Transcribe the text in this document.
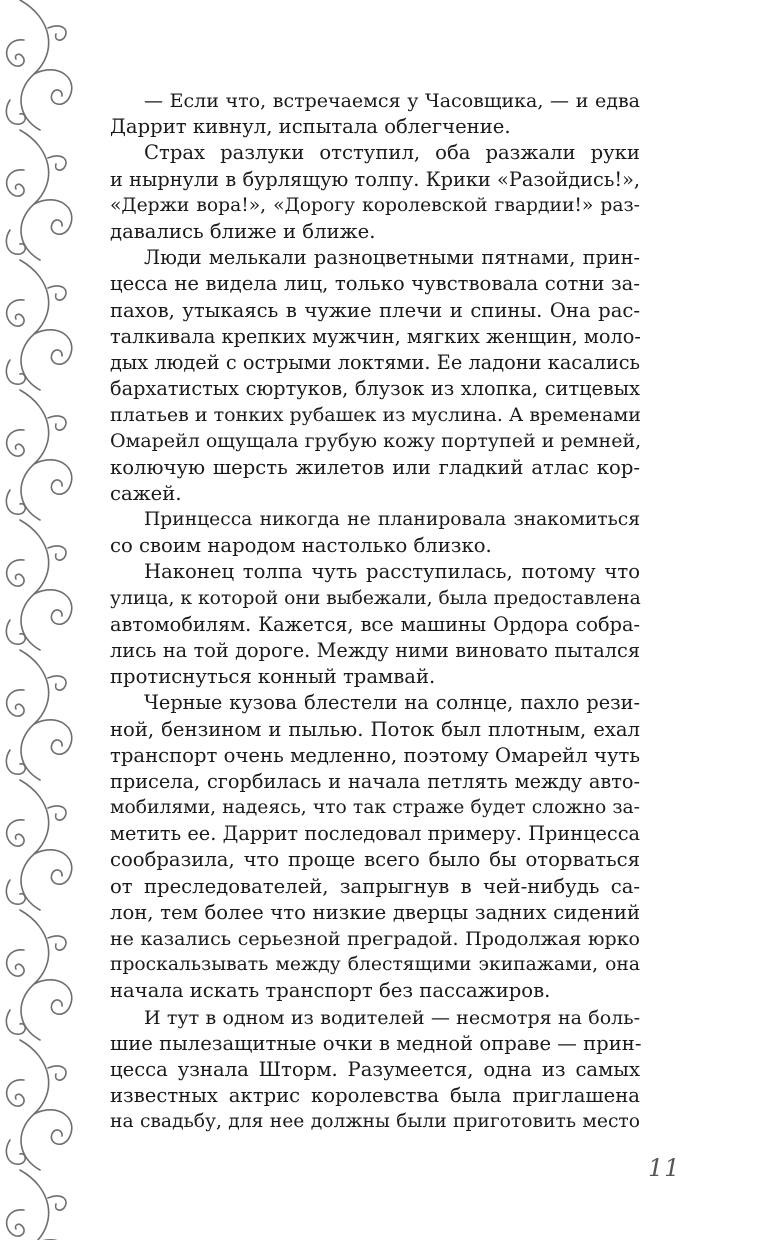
— Если что, встречаемся у Часовщика, — и едва
Даррит кивнул, испытала облегчение.
Страх разлуки отступил, оба разжали руки
и нырнули в бурлящую толпу. Крики «Разойдись!»,
«Держи вора!», «Дорогу королевской гвардии!» раз-
давались ближе и ближе.
Люди мелькали разноцветными пятнами, прин-
цесса не видела лиц, только чувствовала сотни за-
пахов, утыкаясь в чужие плечи и спины. Она рас-
талкивала крепких мужчин, мягких женщин, моло-
дых людей с острыми локтями. Ее ладони касались
бархатистых сюртуков, блузок из хлопка, ситцевых
платьев и тонких рубашек из муслина. А временами
Омарейл ощущала грубую кожу портупей и ремней,
колючую шерсть жилетов или гладкий атлас кор-
сажей.
Принцесса никогда не планировала знакомиться
со своим народом настолько близко.
Наконец толпа чуть расступилась, потому что
улица, к которой они выбежали, была предоставлена
автомобилям. Кажется, все машины Ордора собра-
лись на той дороге. Между ними виновато пытался
протиснуться конный трамвай.
Черные кузова блестели на солнце, пахло рези-
ной, бензином и пылью. Поток был плотным, ехал
транспорт очень медленно, поэтому Омарейл чуть
присела, сгорбилась и начала петлять между авто-
мобилями, надеясь, что так страже будет сложно за-
метить ее. Даррит последовал примеру. Принцесса
сообразила, что проще всего было бы оторваться
от преследователей, запрыгнув в чей-нибудь са-
лон, тем более что низкие дверцы задних сидений
не казались серьезной преградой. Продолжая юрко
проскальзывать между блестящими экипажами, она
начала искать транспорт без пассажиров.
И тут в одном из водителей — несмотря на боль-
шие пылезащитные очки в медной оправе — прин-
цесса узнала Шторм. Разумеется, одна из самых
известных актрис королевства была приглашена
на свадьбу, для нее должны были приготовить место
11
